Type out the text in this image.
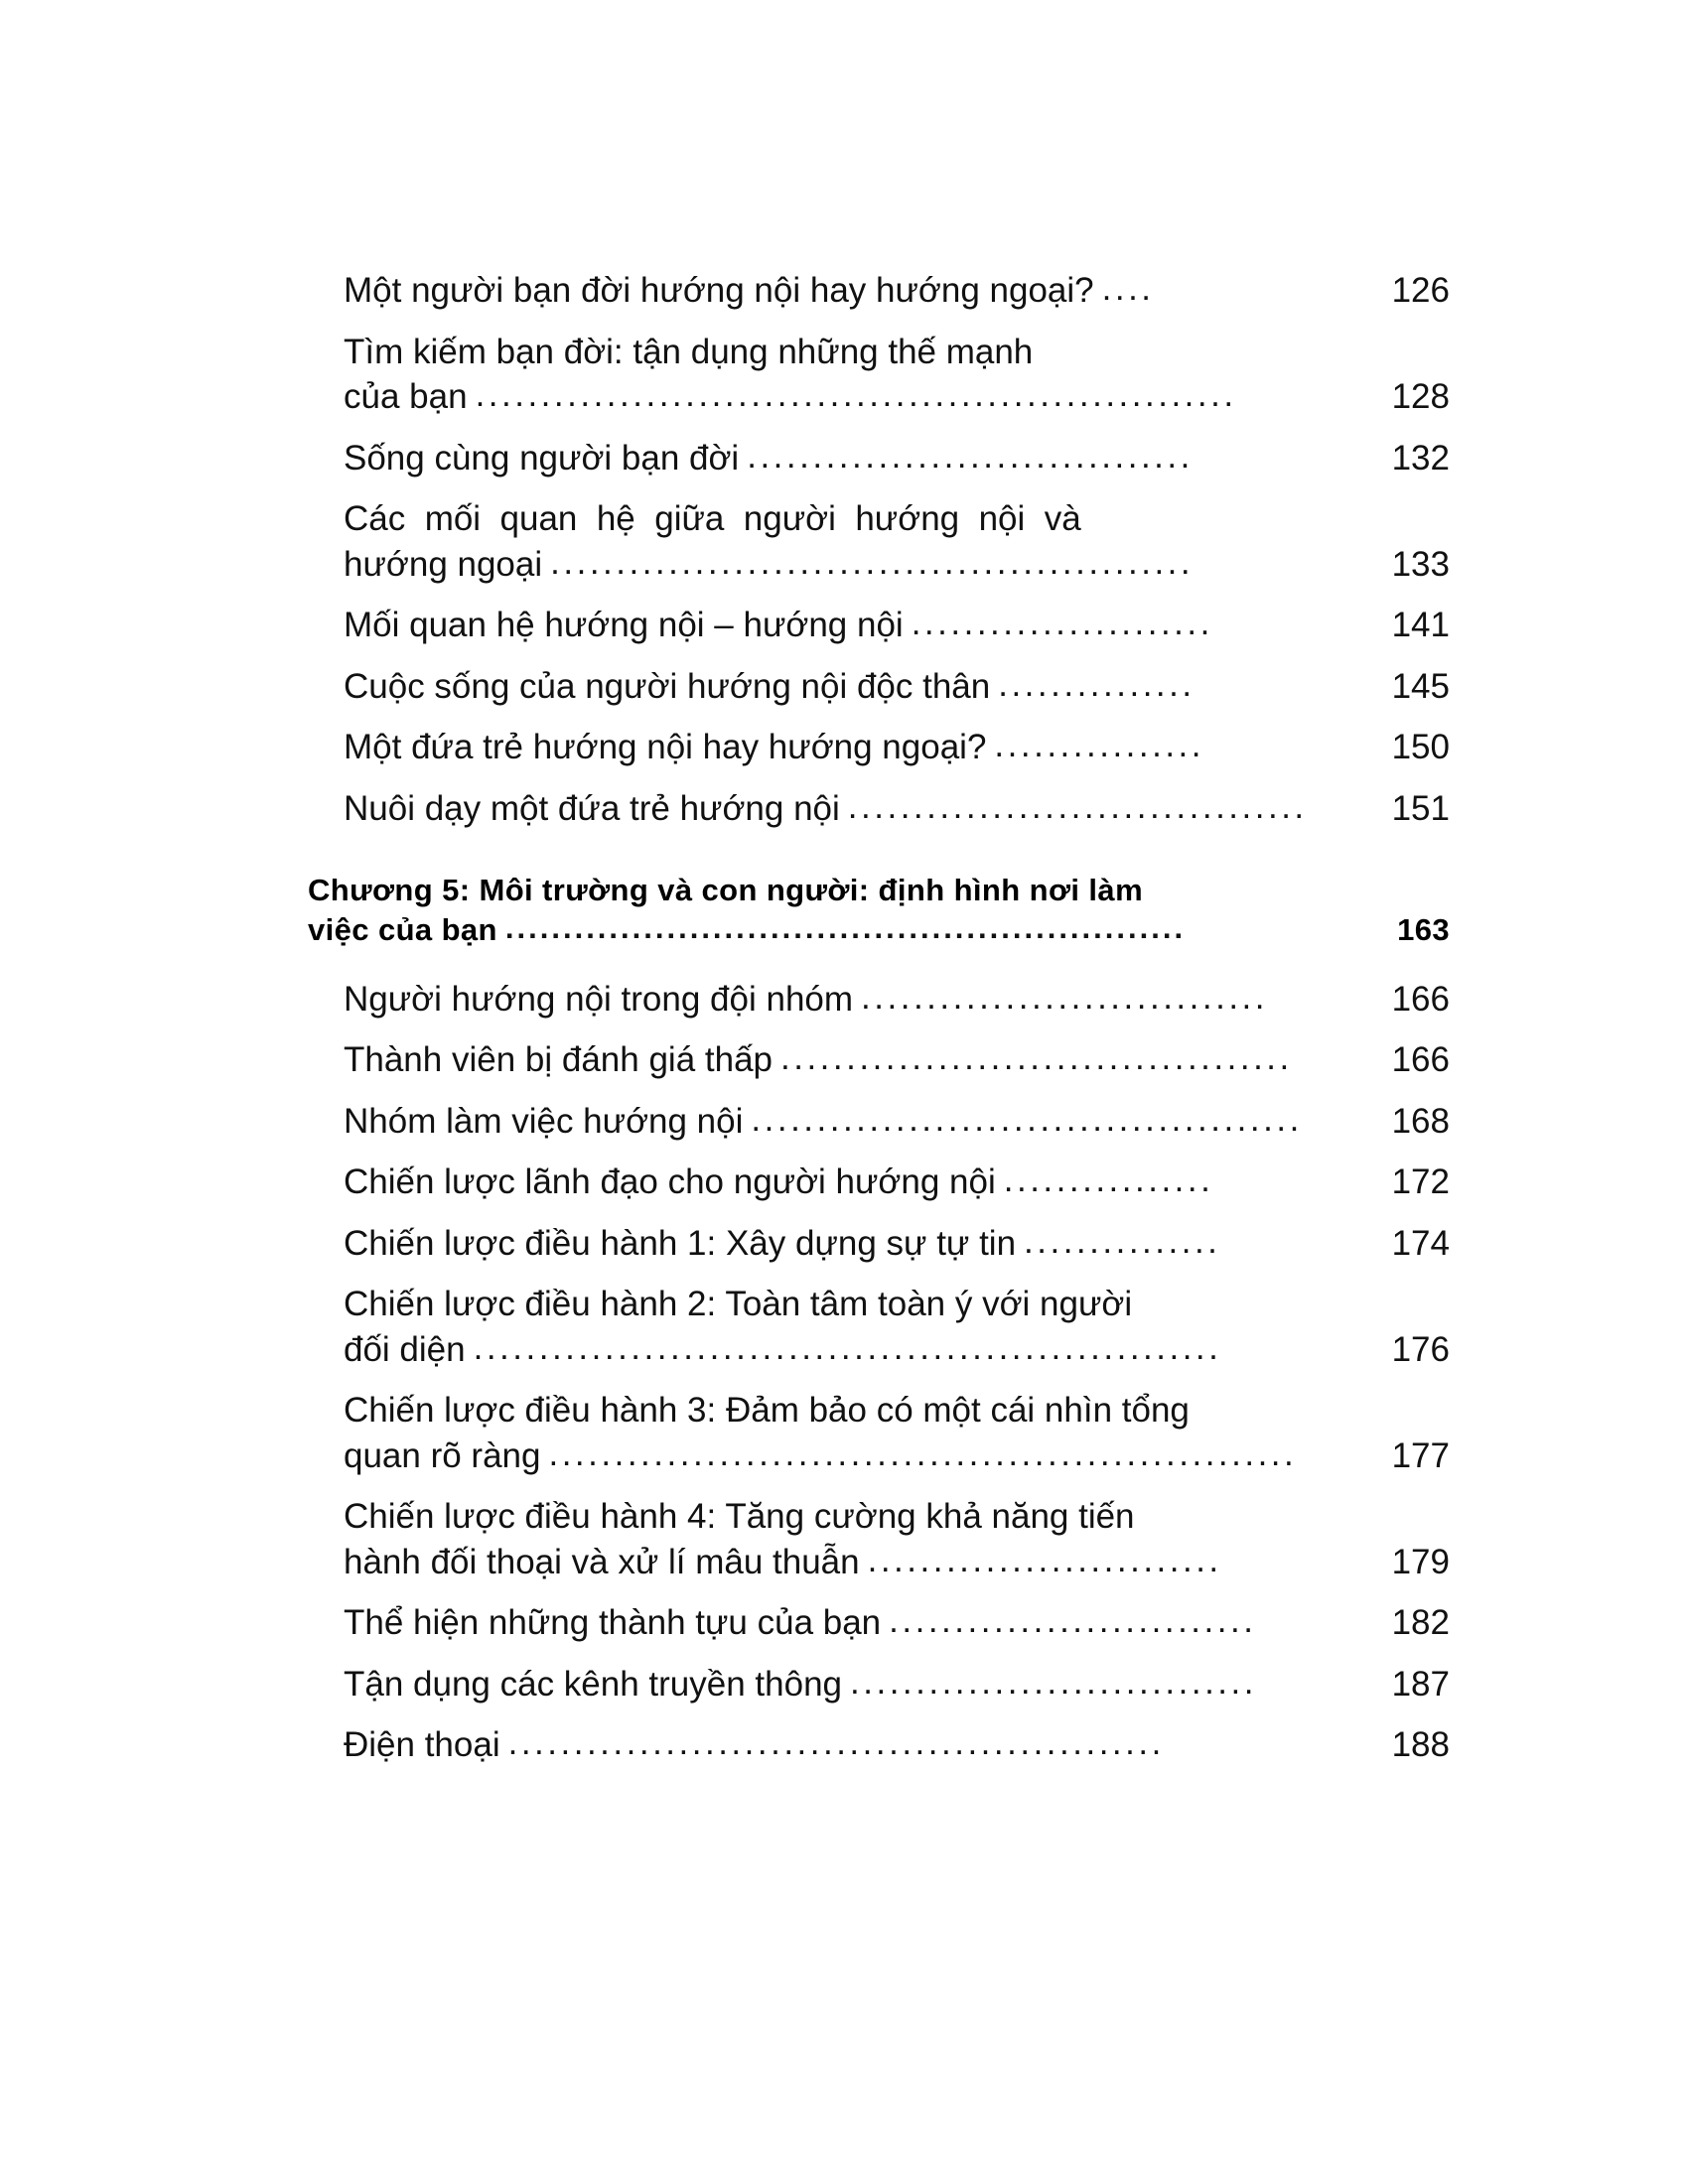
Một người bạn đời hướng nội hay hướng ngoại? ....	126
Tìm kiếm bạn đời: tận dụng những thế mạnh
của bạn ..........................................................	128
Sống cùng người bạn đời ..................................	132
Các  mối  quan  hệ  giữa  người  hướng  nội  và
hướng ngoại .................................................	133
Mối quan hệ hướng nội – hướng nội .......................	141
Cuộc sống của người hướng nội độc thân ...............	145
Một đứa trẻ hướng nội hay hướng ngoại? ................	150
Nuôi dạy một đứa trẻ hướng nội ...................................	151
Chương 5: Môi trường và con người: định hình nơi làm
việc của bạn ...........................................................	163
Người hướng nội trong đội nhóm ...............................	166
Thành viên bị đánh giá thấp .......................................	166
Nhóm làm việc hướng nội ..........................................	168
Chiến lược lãnh đạo cho người hướng nội ................	172
Chiến lược điều hành 1: Xây dựng sự tự tin ...............	174
Chiến lược điều hành 2: Toàn tâm toàn ý với người
đối diện .........................................................	176
Chiến lược điều hành 3: Đảm bảo có một cái nhìn tổng
quan rõ ràng .........................................................	177
Chiến lược điều hành 4: Tăng cường khả năng tiến
hành đối thoại và xử lí mâu thuẫn ...........................	179
Thể hiện những thành tựu của bạn ............................	182
Tận dụng các kênh truyền thông ...............................	187
Điện thoại ..................................................	188
